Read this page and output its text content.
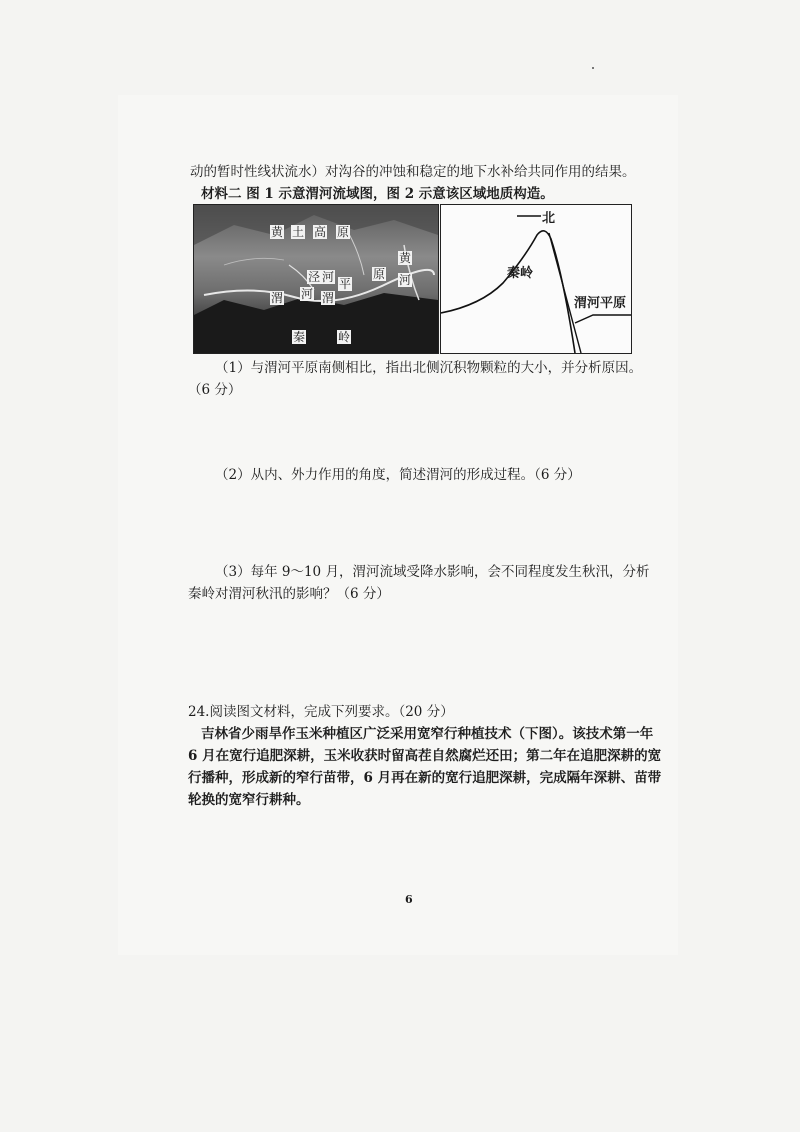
动的暂时性线状流水）对沟谷的冲蚀和稳定的地下水补给共同作用的结果。
材料二 图 1 示意渭河流域图，图 2 示意该区域地质构造。
黄 土 高 原
黄
泾 河 平	河
原
渭 河 渭
秦	岭
北
秦岭
渭河平原
（1）与渭河平原南侧相比，指出北侧沉积物颗粒的大小，并分析原因。
（6 分）
（2）从内、外力作用的角度，简述渭河的形成过程。（6 分）
（3）每年 9～10 月，渭河流域受降水影响，会不同程度发生秋汛，分析
秦岭对渭河秋汛的影响？（6 分）
24.阅读图文材料，完成下列要求。（20 分）
吉林省少雨旱作玉米种植区广泛采用宽窄行种植技术（下图）。该技术第一年
6 月在宽行追肥深耕，玉米收获时留高茬自然腐烂还田；第二年在追肥深耕的宽
行播种，形成新的窄行苗带，6 月再在新的宽行追肥深耕，完成隔年深耕、苗带
轮换的宽窄行耕种。
6
